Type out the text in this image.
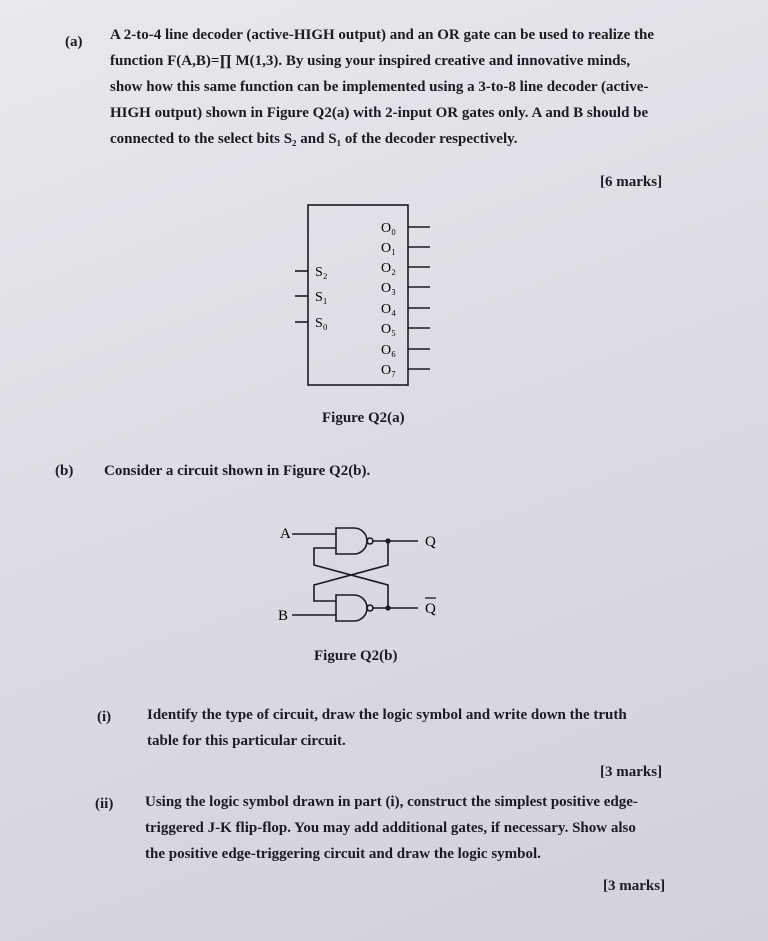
(a) A 2-to-4 line decoder (active-HIGH output) and an OR gate can be used to realize the
function F(A,B)=∏ M(1,3). By using your inspired creative and innovative minds,
show how this same function can be implemented using a 3-to-8 line decoder (active-
HIGH output) shown in Figure Q2(a) with 2-input OR gates only. A and B should be
connected to the select bits S₂ and S₁ of the decoder respectively.
[6 marks]
S₂
S₁
S₀
O₀
O₁
O₂
O₃
O₄
O₅
O₆
O₇
Figure Q2(a)
(b) Consider a circuit shown in Figure Q2(b).
A
B
Q
Q
Figure Q2(b)
(i) Identify the type of circuit, draw the logic symbol and write down the truth
table for this particular circuit.
[3 marks]
(ii) Using the logic symbol drawn in part (i), construct the simplest positive edge-
triggered J-K flip-flop. You may add additional gates, if necessary. Show also
the positive edge-triggering circuit and draw the logic symbol.
[3 marks]
